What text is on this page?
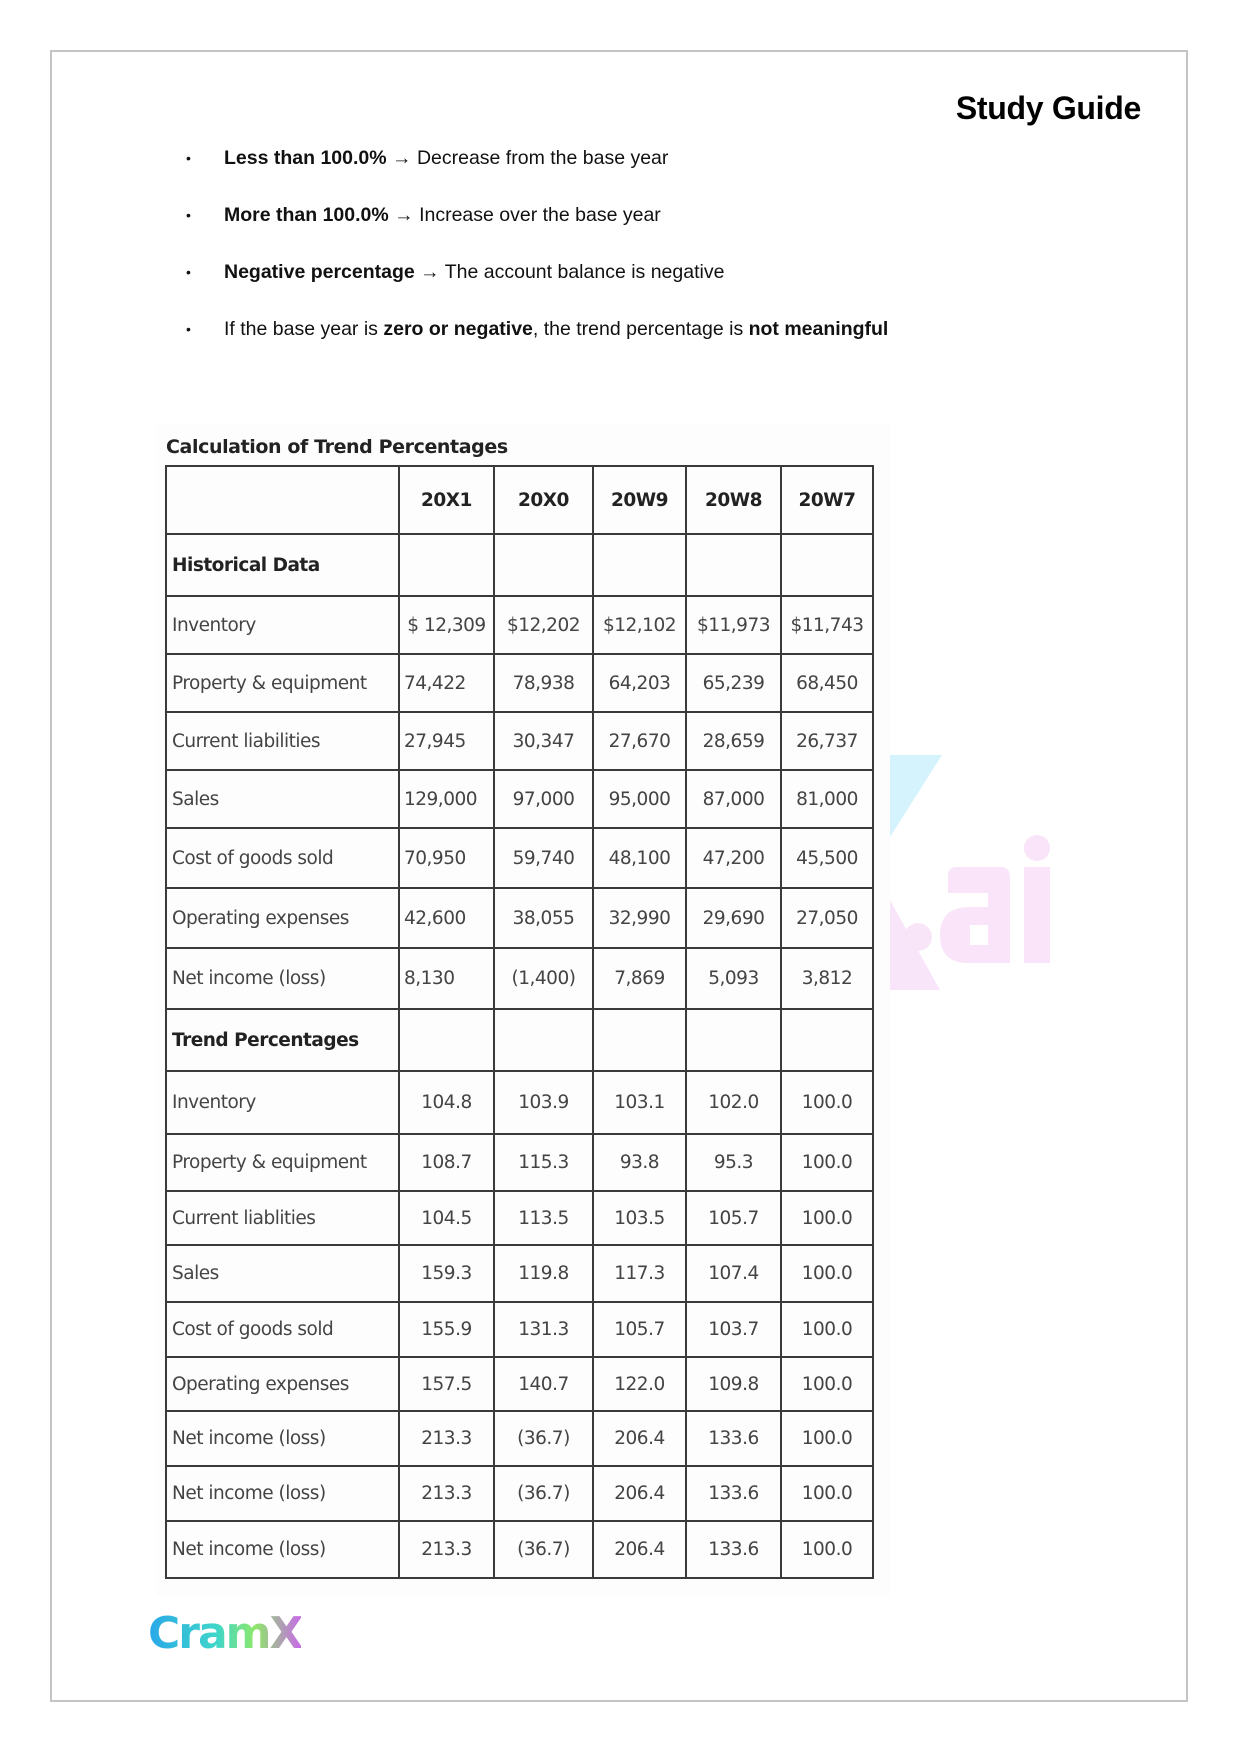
Study Guide
• Less than 100.0% → Decrease from the base year
• More than 100.0% → Increase over the base year
• Negative percentage → The account balance is negative
• If the base year is zero or negative, the trend percentage is not meaningful
Calculation of Trend Percentages
	20X1	20X0	20W9	20W8	20W7
Historical Data					
Inventory	$ 12,309	$12,202	$12,102	$11,973	$11,743
Property & equipment	74,422	78,938	64,203	65,239	68,450
Current liabilities	27,945	30,347	27,670	28,659	26,737
Sales	129,000	97,000	95,000	87,000	81,000
Cost of goods sold	70,950	59,740	48,100	47,200	45,500
Operating expenses	42,600	38,055	32,990	29,690	27,050
Net income (loss)	8,130	(1,400)	7,869	5,093	3,812
Trend Percentages					
Inventory	104.8	103.9	103.1	102.0	100.0
Property & equipment	108.7	115.3	93.8	95.3	100.0
Current liablities	104.5	113.5	103.5	105.7	100.0
Sales	159.3	119.8	117.3	107.4	100.0
Cost of goods sold	155.9	131.3	105.7	103.7	100.0
Operating expenses	157.5	140.7	122.0	109.8	100.0
Net income (loss)	213.3	(36.7)	206.4	133.6	100.0
Net income (loss)	213.3	(36.7)	206.4	133.6	100.0
Net income (loss)	213.3	(36.7)	206.4	133.6	100.0
CramX
